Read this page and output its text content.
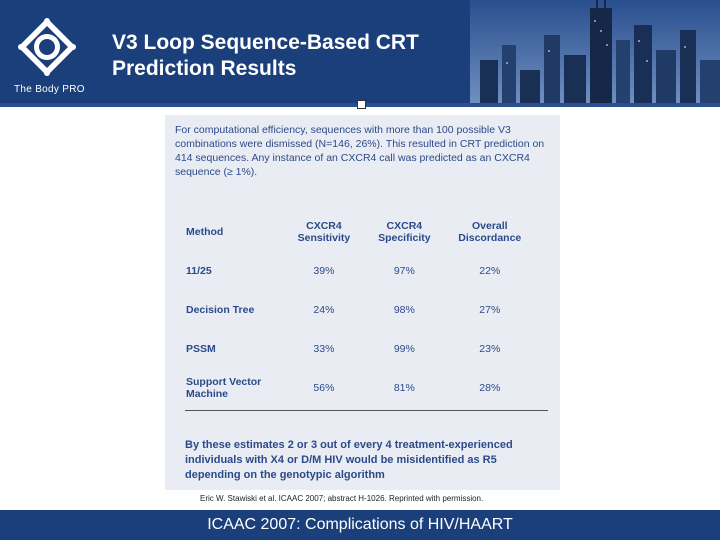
The Body PRO
V3 Loop Sequence-Based CRT Prediction Results
For computational efficiency, sequences with more than 100 possible V3 combinations were dismissed (N=146, 26%). This resulted in CRT prediction on 414 sequences. Any instance of an CXCR4 call was predicted as an CXCR4 sequence (≥ 1%).
Method	CXCR4 Sensitivity	CXCR4 Specificity	Overall Discordance
11/25	39%	97%	22%
Decision Tree	24%	98%	27%
PSSM	33%	99%	23%
Support Vector Machine	56%	81%	28%
By these estimates 2 or 3 out of every 4 treatment-experienced individuals with X4 or D/M HIV would be misidentified as R5 depending on the genotypic algorithm
Eric W. Stawiski et al. ICAAC 2007; abstract H-1026. Reprinted with permission.
ICAAC 2007: Complications of HIV/HAART
